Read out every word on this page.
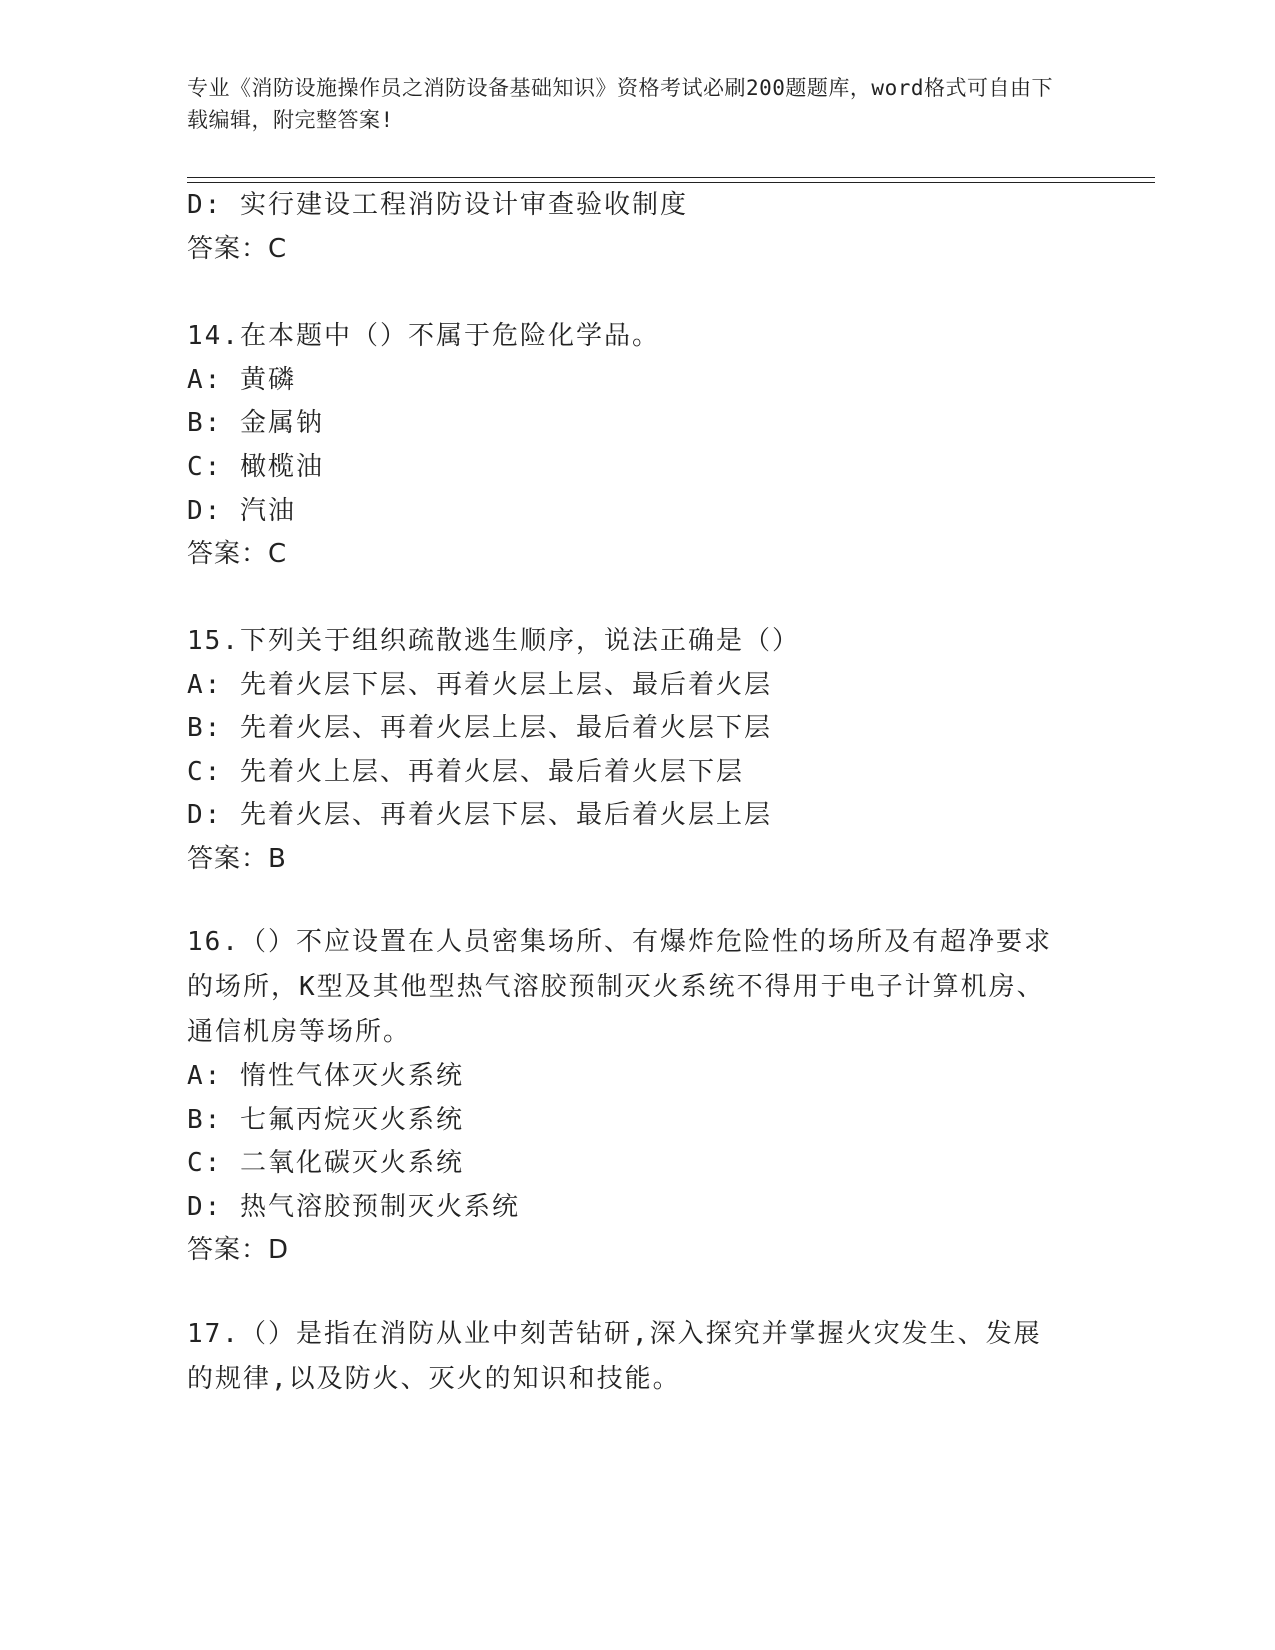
专业《消防设施操作员之消防设备基础知识》资格考试必刷200题题库，word格式可自由下载编辑，附完整答案!
D: 实行建设工程消防设计审查验收制度
答案：C
14.在本题中（）不属于危险化学品。
A: 黄磷
B: 金属钠
C: 橄榄油
D: 汽油
答案：C
15.下列关于组织疏散逃生顺序，说法正确是（）
A: 先着火层下层、再着火层上层、最后着火层
B: 先着火层、再着火层上层、最后着火层下层
C: 先着火上层、再着火层、最后着火层下层
D: 先着火层、再着火层下层、最后着火层上层
答案：B
16.（）不应设置在人员密集场所、有爆炸危险性的场所及有超净要求的场所，K型及其他型热气溶胶预制灭火系统不得用于电子计算机房、通信机房等场所。
A: 惰性气体灭火系统
B: 七氟丙烷灭火系统
C: 二氧化碳灭火系统
D: 热气溶胶预制灭火系统
答案：D
17.（）是指在消防从业中刻苦钻研,深入探究并掌握火灾发生、发展的规律,以及防火、灭火的知识和技能。
